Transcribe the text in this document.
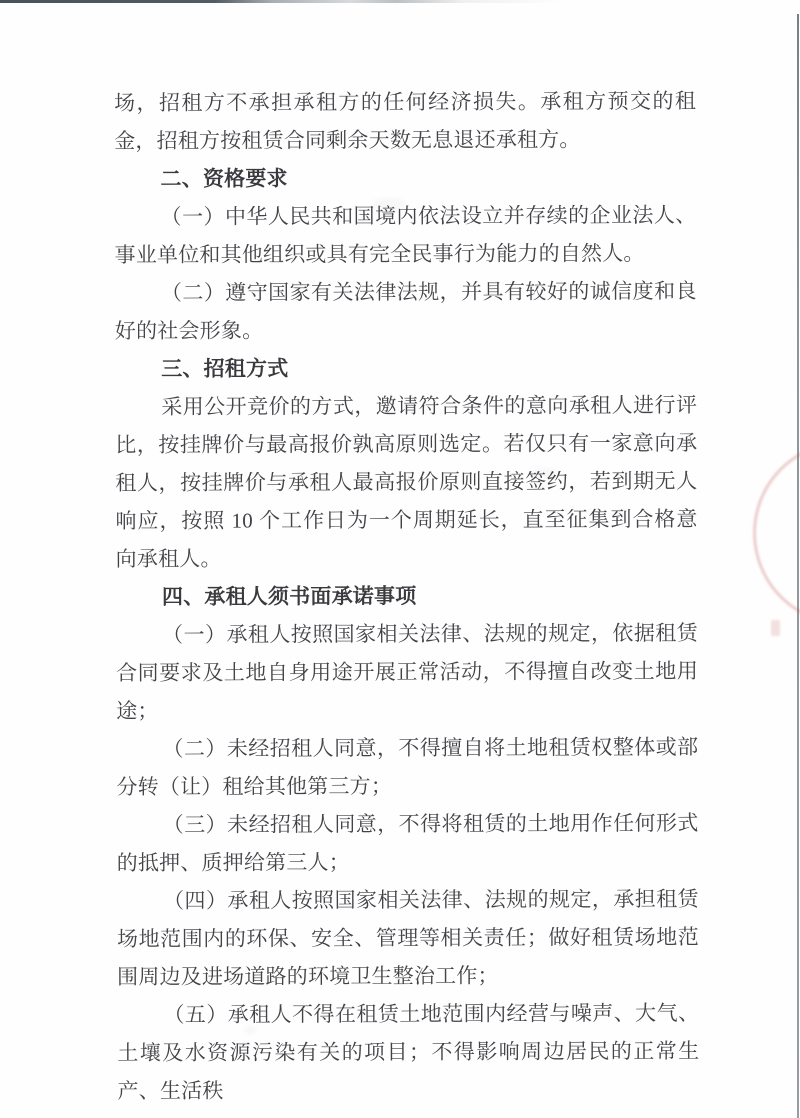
场，招租方不承担承租方的任何经济损失。承租方预交的租金，招租方按租赁合同剩余天数无息退还承租方。

二、资格要求

（一）中华人民共和国境内依法设立并存续的企业法人、事业单位和其他组织或具有完全民事行为能力的自然人。

（二）遵守国家有关法律法规，并具有较好的诚信度和良好的社会形象。

三、招租方式

采用公开竞价的方式，邀请符合条件的意向承租人进行评比，按挂牌价与最高报价孰高原则选定。若仅只有一家意向承租人，按挂牌价与承租人最高报价原则直接签约，若到期无人响应，按照 10 个工作日为一个周期延长，直至征集到合格意向承租人。

四、承租人须书面承诺事项

（一）承租人按照国家相关法律、法规的规定，依据租赁合同要求及土地自身用途开展正常活动，不得擅自改变土地用途；

（二）未经招租人同意，不得擅自将土地租赁权整体或部分转（让）租给其他第三方；

（三）未经招租人同意，不得将租赁的土地用作任何形式的抵押、质押给第三人；

（四）承租人按照国家相关法律、法规的规定，承担租赁场地范围内的环保、安全、管理等相关责任；做好租赁场地范围周边及进场道路的环境卫生整治工作；

（五）承租人不得在租赁土地范围内经营与噪声、大气、土壤及水资源污染有关的项目；不得影响周边居民的正常生产、生活秩
